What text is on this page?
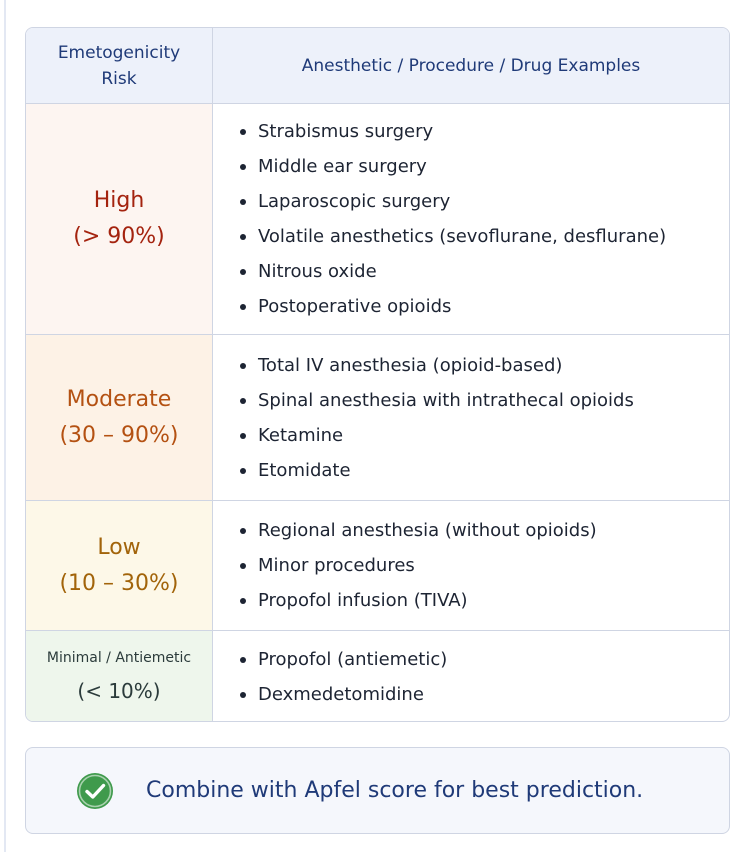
Emetogenicity Risk
Anesthetic / Procedure / Drug Examples
High
(> 90%)
Strabismus surgery
Middle ear surgery
Laparoscopic surgery
Volatile anesthetics (sevoflurane, desflurane)
Nitrous oxide
Postoperative opioids
Moderate
(30 – 90%)
Total IV anesthesia (opioid-based)
Spinal anesthesia with intrathecal opioids
Ketamine
Etomidate
Low
(10 – 30%)
Regional anesthesia (without opioids)
Minor procedures
Propofol infusion (TIVA)
Minimal / Antiemetic
(< 10%)
Propofol (antiemetic)
Dexmedetomidine
Combine with Apfel score for best prediction.
